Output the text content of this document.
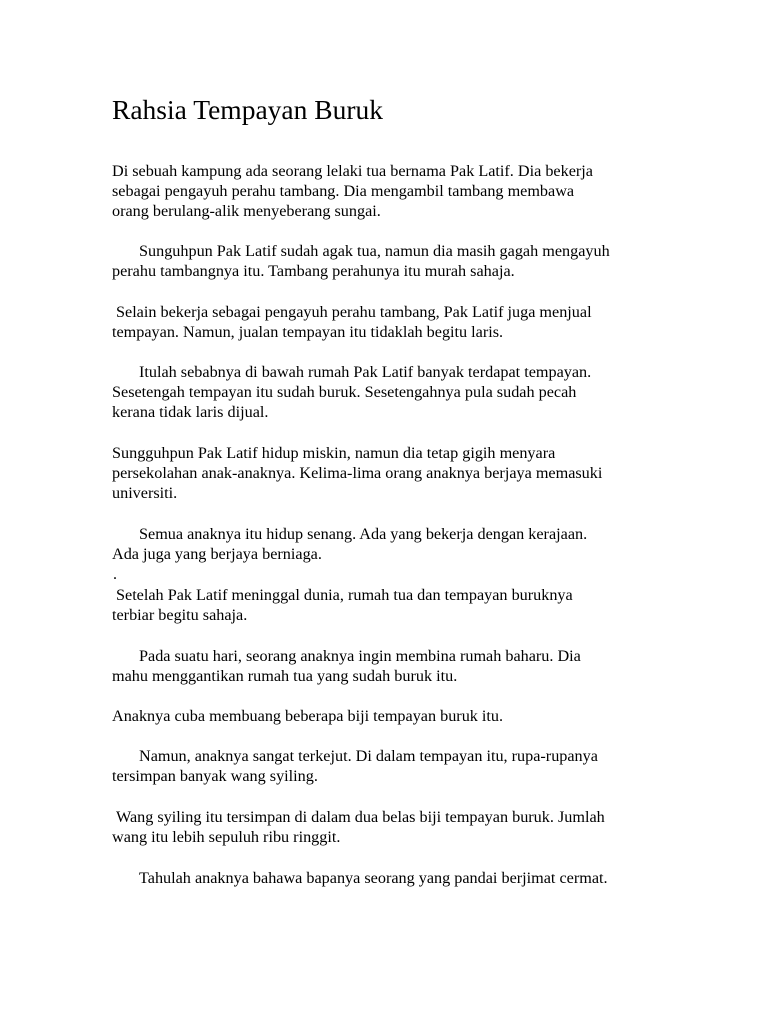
Rahsia Tempayan Buruk

Di sebuah kampung ada seorang lelaki tua bernama Pak Latif. Dia bekerja
sebagai pengayuh perahu tambang. Dia mengambil tambang membawa
orang berulang-alik menyeberang sungai.

Sunguhpun Pak Latif sudah agak tua, namun dia masih gagah mengayuh
perahu tambangnya itu. Tambang perahunya itu murah sahaja.

Selain bekerja sebagai pengayuh perahu tambang, Pak Latif juga menjual
tempayan. Namun, jualan tempayan itu tidaklah begitu laris.

Itulah sebabnya di bawah rumah Pak Latif banyak terdapat tempayan.
Sesetengah tempayan itu sudah buruk. Sesetengahnya pula sudah pecah
kerana tidak laris dijual.

Sungguhpun Pak Latif hidup miskin, namun dia tetap gigih menyara
persekolahan anak-anaknya. Kelima-lima orang anaknya berjaya memasuki
universiti.

Semua anaknya itu hidup senang. Ada yang bekerja dengan kerajaan.
Ada juga yang berjaya berniaga.

.

Setelah Pak Latif meninggal dunia, rumah tua dan tempayan buruknya
terbiar begitu sahaja.

Pada suatu hari, seorang anaknya ingin membina rumah baharu. Dia
mahu menggantikan rumah tua yang sudah buruk itu.

Anaknya cuba membuang beberapa biji tempayan buruk itu.

Namun, anaknya sangat terkejut. Di dalam tempayan itu, rupa-rupanya
tersimpan banyak wang syiling.

Wang syiling itu tersimpan di dalam dua belas biji tempayan buruk. Jumlah
wang itu lebih sepuluh ribu ringgit.

Tahulah anaknya bahawa bapanya seorang yang pandai berjimat cermat.
